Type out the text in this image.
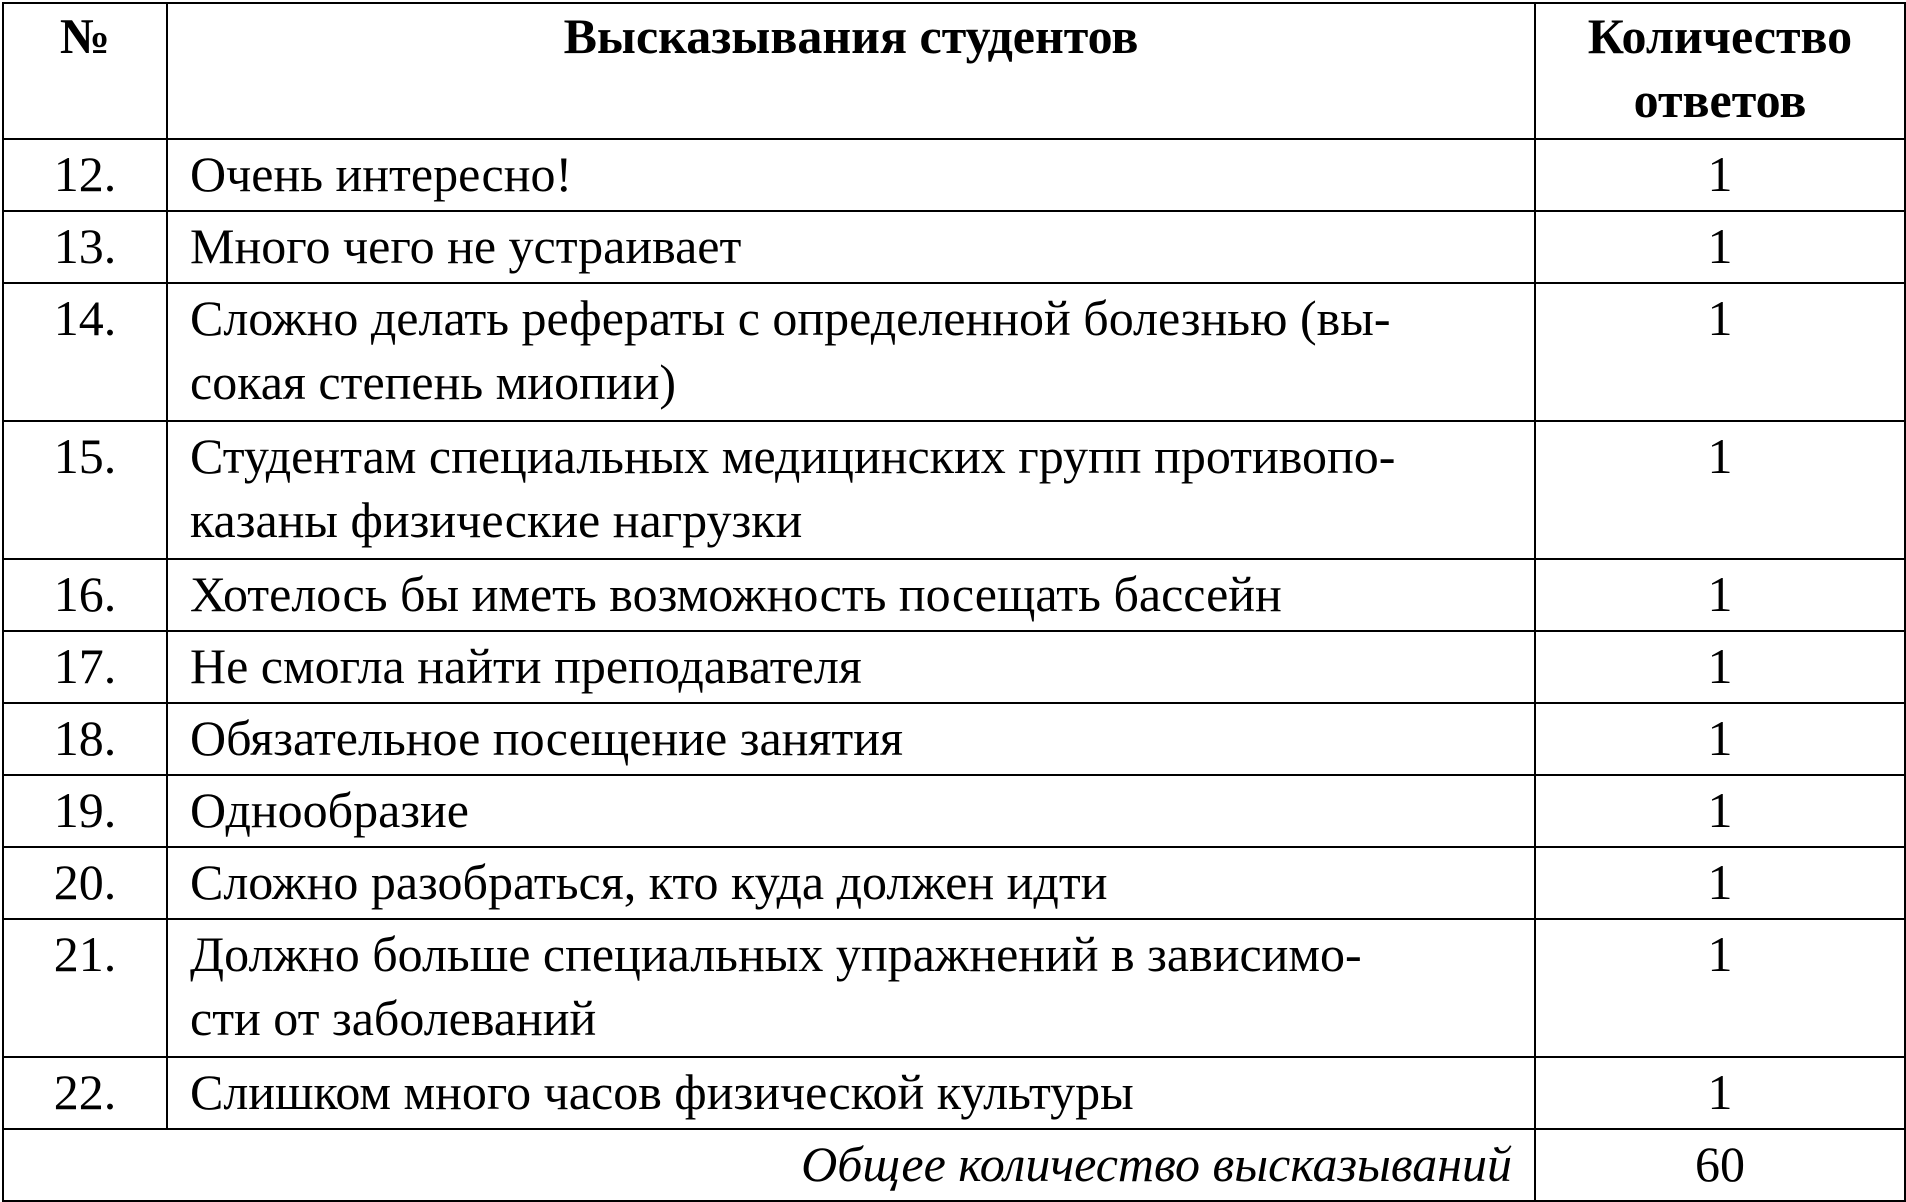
№	Высказывания студентов	Количество
ответов

12.	Очень интересно!	1
13.	Много чего не устраивает	1
14.	Сложно делать рефераты с определенной болезнью (вы-
сокая степень миопии)	1
15.	Студентам специальных медицинских групп противопо-
казаны физические нагрузки	1
16.	Хотелось бы иметь возможность посещать бассейн	1
17.	Не смогла найти преподавателя	1
18.	Обязательное посещение занятия	1
19.	Однообразие	1
20.	Сложно разобраться, кто куда должен идти	1
21.	Должно больше специальных упражнений в зависимо-
сти от заболеваний	1
22.	Слишком много часов физической культуры	1
Общее количество высказываний		60
